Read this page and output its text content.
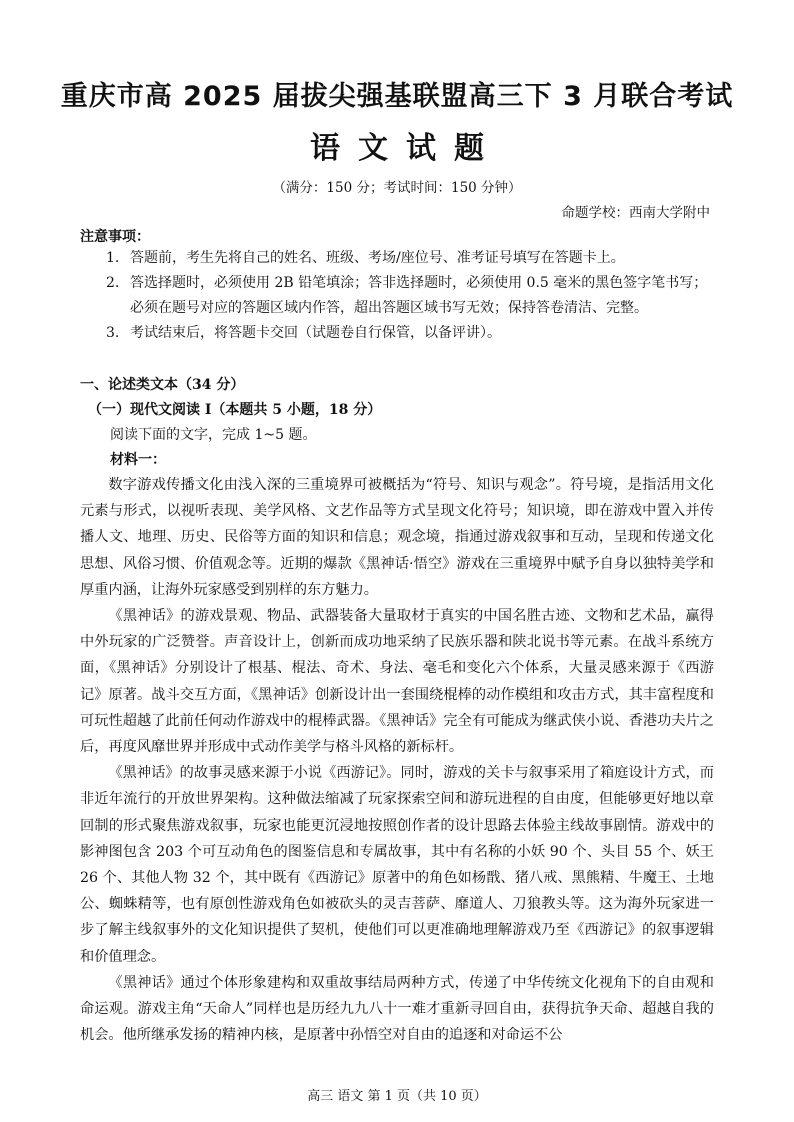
重庆市高 2025 届拔尖强基联盟高三下 3 月联合考试
语文试题
（满分：150 分；考试时间：150 分钟）
命题学校：西南大学附中
注意事项：
1. 答题前，考生先将自己的姓名、班级、考场/座位号、准考证号填写在答题卡上。
2. 答选择题时，必须使用 2B 铅笔填涂；答非选择题时，必须使用 0.5 毫米的黑色签字笔书写；
必须在题号对应的答题区域内作答，超出答题区域书写无效；保持答卷清洁、完整。
3. 考试结束后，将答题卡交回（试题卷自行保管，以备评讲）。
一、论述类文本（34 分）
（一）现代文阅读 I（本题共 5 小题，18 分）
阅读下面的文字，完成 1~5 题。
材料一：

数字游戏传播文化由浅入深的三重境界可被概括为“符号、知识与观念”。符号境，是指活用文化元素与形式，以视听表现、美学风格、文艺作品等方式呈现文化符号；知识境，即在游戏中置入并传播人文、地理、历史、民俗等方面的知识和信息；观念境，指通过游戏叙事和互动，呈现和传递文化思想、风俗习惯、价值观念等。近期的爆款《黑神话·悟空》游戏在三重境界中赋予自身以独特美学和厚重内涵，让海外玩家感受到别样的东方魅力。

《黑神话》的游戏景观、物品、武器装备大量取材于真实的中国名胜古迹、文物和艺术品，赢得中外玩家的广泛赞誉。声音设计上，创新而成功地采纳了民族乐器和陕北说书等元素。在战斗系统方面，《黑神话》分别设计了根基、棍法、奇术、身法、毫毛和变化六个体系，大量灵感来源于《西游记》原著。战斗交互方面，《黑神话》创新设计出一套围绕棍棒的动作模组和攻击方式，其丰富程度和可玩性超越了此前任何动作游戏中的棍棒武器。《黑神话》完全有可能成为继武侠小说、香港功夫片之后，再度风靡世界并形成中式动作美学与格斗风格的新标杆。

《黑神话》的故事灵感来源于小说《西游记》。同时，游戏的关卡与叙事采用了箱庭设计方式，而非近年流行的开放世界架构。这种做法缩减了玩家探索空间和游玩进程的自由度，但能够更好地以章回制的形式聚焦游戏叙事，玩家也能更沉浸地按照创作者的设计思路去体验主线故事剧情。游戏中的影神图包含 203 个可互动角色的图鉴信息和专属故事，其中有名称的小妖 90 个、头目 55 个、妖王 26 个、其他人物 32 个，其中既有《西游记》原著中的角色如杨戬、猪八戒、黑熊精、牛魔王、土地公、蜘蛛精等，也有原创性游戏角色如被砍头的灵吉菩萨、靡道人、刀狼教头等。这为海外玩家进一步了解主线叙事外的文化知识提供了契机，使他们可以更准确地理解游戏乃至《西游记》的叙事逻辑和价值理念。

《黑神话》通过个体形象建构和双重故事结局两种方式，传递了中华传统文化视角下的自由观和命运观。游戏主角“天命人”同样也是历经九九八十一难才重新寻回自由，获得抗争天命、超越自我的机会。他所继承发扬的精神内核，是原著中孙悟空对自由的追逐和对命运不公

高三 语文 第 1 页（共 10 页）
